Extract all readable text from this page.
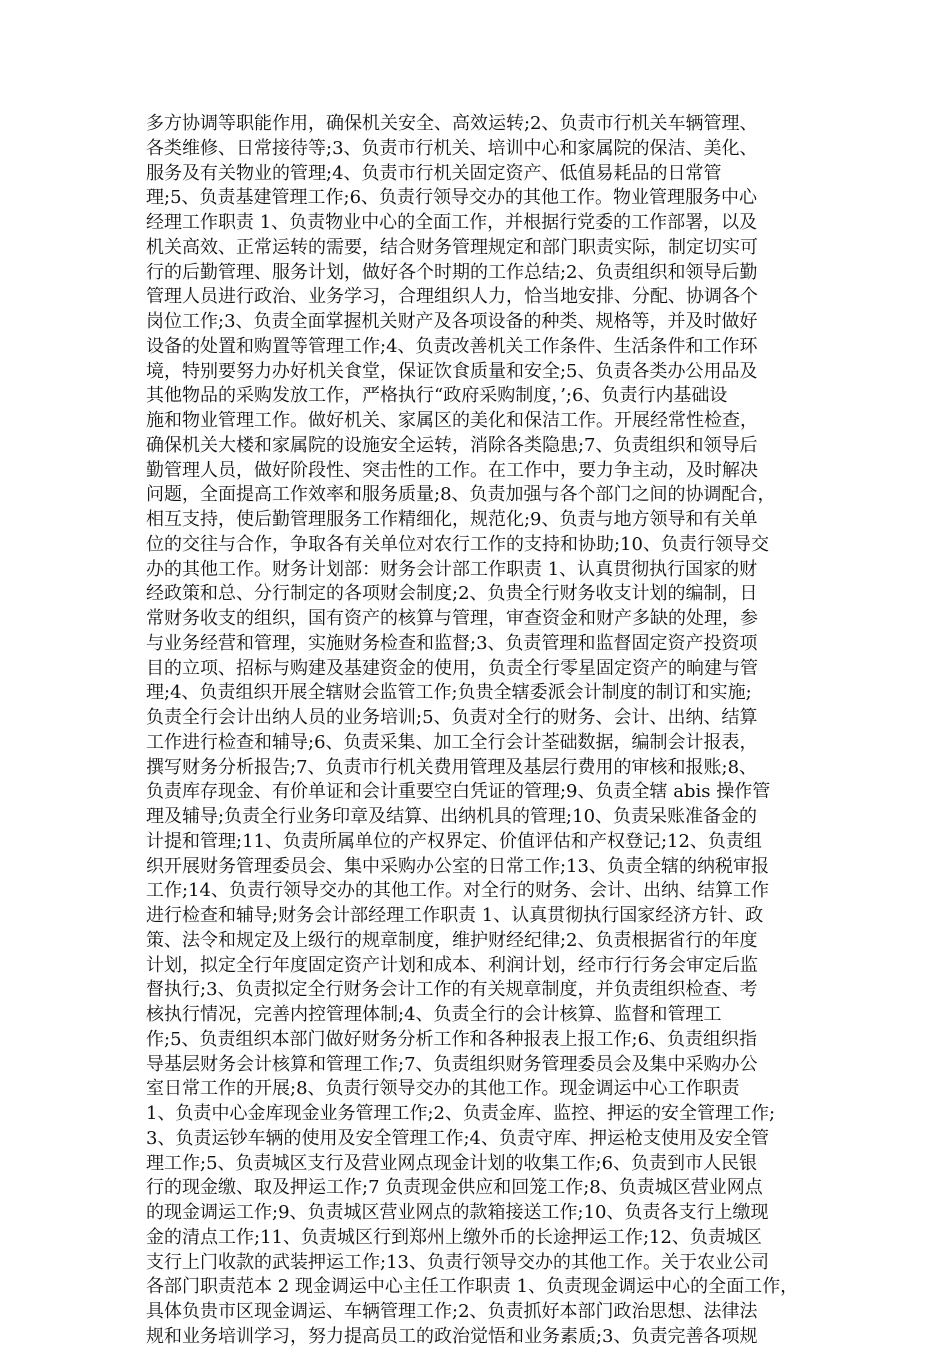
多方协调等职能作用，确保机关安全、高效运转;2、负责市行机关车辆管理、
各类维修、日常接待等;3、负责市行机关、培训中心和家属院的保洁、美化、
服务及有关物业的管理;4、负责市行机关固定资产、低值易耗品的日常管
理;5、负责基建管理工作;6、负责行领导交办的其他工作。物业管理服务中心
经理工作职责 1、负责物业中心的全面工作，并根据行党委的工作部署，以及
机关高效、正常运转的需要，结合财务管理规定和部门职责实际，制定切实可
行的后勤管理、服务计划，做好各个时期的工作总结;2、负责组织和领导后勤
管理人员进行政治、业务学习，合理组织人力，恰当地安排、分配、协调各个
岗位工作;3、负责全面掌握机关财产及各项设备的种类、规格等，并及时做好
设备的处置和购置等管理工作;4、负责改善机关工作条件、生活条件和工作环
境，特别要努力办好机关食堂，保证饮食质量和安全;5、负责各类办公用品及
其他物品的采购发放工作，严格执行“政府采购制度，’;6、负责行内基础设
施和物业管理工作。做好机关、家属区的美化和保洁工作。开展经常性检查，
确保机关大楼和家属院的设施安全运转，消除各类隐患;7、负责组织和领导后
勤管理人员，做好阶段性、突击性的工作。在工作中，要力争主动，及时解决
问题，全面提高工作效率和服务质量;8、负责加强与各个部门之间的协调配合，
相互支持，使后勤管理服务工作精细化，规范化;9、负责与地方领导和有关单
位的交往与合作，争取各有关单位对农行工作的支持和协助;10、负责行领导交
办的其他工作。财务计划部：财务会计部工作职责 1、认真贯彻执行国家的财
经政策和总、分行制定的各项财会制度;2、负贵全行财务收支计划的编制，日
常财务收支的组织，国有资产的核算与管理，审查资金和财产多缺的处理，参
与业务经营和管理，实施财务检查和监督;3、负责管理和监督固定资产投资项
目的立项、招标与购建及基建资金的使用，负责全行零星固定资产的晌建与管
理;4、负责组织开展全辖财会监管工作;负贵全辖委派会计制度的制订和实施;
负责全行会计出纳人员的业务培训;5、负责对全行的财务、会计、出纳、结算
工作进行检查和辅导;6、负责采集、加工全行会计荃础数据，编制会计报表，
撰写财务分析报告;7、负责市行机关费用管理及基层行费用的审核和报账;8、
负责库存现金、有价单证和会计重要空白凭证的管理;9、负责全辖 abis 操作管
理及辅导;负责全行业务印章及结算、出纳机具的管理;10、负责呆账准备金的
计提和管理;11、负责所属单位的产权界定、价值评估和产权登记;12、负责组
织开展财务管理委员会、集中采购办公室的日常工作;13、负责全辖的纳税审报
工作;14、负责行领导交办的其他工作。对全行的财务、会计、出纳、结算工作
进行检查和辅导;财务会计部经理工作职责 1、认真贯彻执行国家经济方针、政
策、法令和规定及上级行的规章制度，维护财经纪律;2、负责根据省行的年度
计划，拟定全行年度固定资产计划和成本、利润计划，经市行行务会审定后监
督执行;3、负责拟定全行财务会计工作的有关规章制度，并负责组织检查、考
核执行情况，完善内控管理体制;4、负责全行的会计核算、监督和管理工
作;5、负责组织本部门做好财务分析工作和各种报表上报工作;6、负责组织指
导基层财务会计核算和管理工作;7、负责组织财务管理委员会及集中采购办公
室日常工作的开展;8、负责行领导交办的其他工作。现金调运中心工作职责
1、负责中心金库现金业务管理工作;2、负责金库、监控、押运的安全管理工作;
3、负责运钞车辆的使用及安全管理工作;4、负责守库、押运枪支使用及安全管
理工作;5、负责城区支行及营业网点现金计划的收集工作;6、负责到市人民银
行的现金缴、取及押运工作;7 负责现金供应和回笼工作;8、负责城区营业网点
的现金调运工作;9、负责城区营业网点的款箱接送工作;10、负责各支行上缴现
金的清点工作;11、负责城区行到郑州上缴外币的长途押运工作;12、负责城区
支行上门收款的武装押运工作;13、负责行领导交办的其他工作。关于农业公司
各部门职责范本 2 现金调运中心主任工作职责 1、负责现金调运中心的全面工作，
具体负贵市区现金调运、车辆管理工作;2、负责抓好本部门政治思想、法律法
规和业务培训学习，努力提高员工的政治觉悟和业务素质;3、负责完善各项规
